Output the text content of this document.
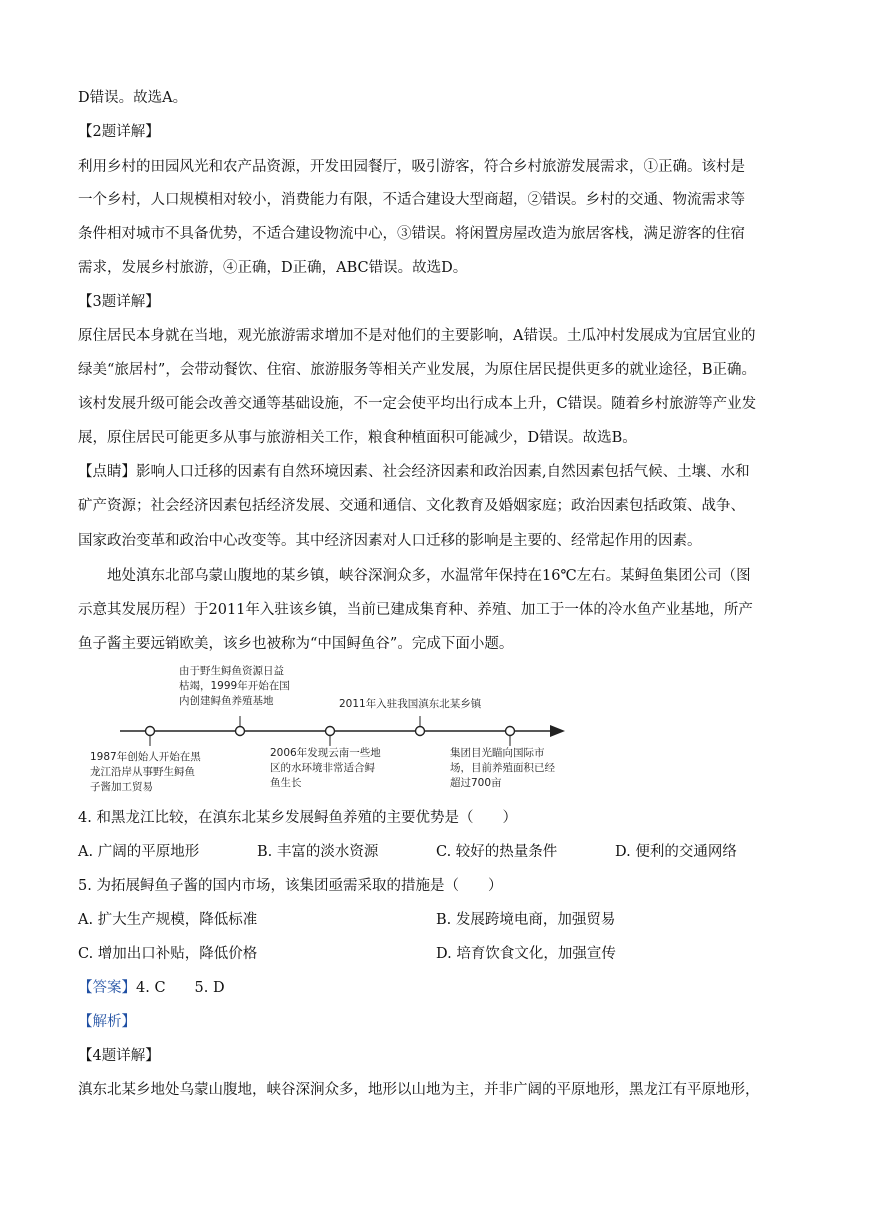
D错误。故选A。
【2题详解】
利用乡村的田园风光和农产品资源，开发田园餐厅，吸引游客，符合乡村旅游发展需求，①正确。该村是
一个乡村，人口规模相对较小，消费能力有限，不适合建设大型商超，②错误。乡村的交通、物流需求等
条件相对城市不具备优势，不适合建设物流中心，③错误。将闲置房屋改造为旅居客栈，满足游客的住宿
需求，发展乡村旅游，④正确，D正确，ABC错误。故选D。
【3题详解】
原住居民本身就在当地，观光旅游需求增加不是对他们的主要影响，A错误。土瓜冲村发展成为宜居宜业的
绿美“旅居村”，会带动餐饮、住宿、旅游服务等相关产业发展，为原住居民提供更多的就业途径，B正确。
该村发展升级可能会改善交通等基础设施，不一定会使平均出行成本上升，C错误。随着乡村旅游等产业发
展，原住居民可能更多从事与旅游相关工作，粮食种植面积可能减少，D错误。故选B。
【点睛】影响人口迁移的因素有自然环境因素、社会经济因素和政治因素,自然因素包括气候、土壤、水和
矿产资源；社会经济因素包括经济发展、交通和通信、文化教育及婚姻家庭；政治因素包括政策、战争、
国家政治变革和政治中心改变等。其中经济因素对人口迁移的影响是主要的、经常起作用的因素。
地处滇东北部乌蒙山腹地的某乡镇，峡谷深涧众多，水温常年保持在16℃左右。某鲟鱼集团公司（图
示意其发展历程）于2011年入驻该乡镇，当前已建成集育种、养殖、加工于一体的冷水鱼产业基地，所产
鱼子酱主要远销欧美，该乡也被称为“中国鲟鱼谷”。完成下面小题。
由于野生鲟鱼资源日益
枯竭，1999年开始在国
内创建鲟鱼养殖基地	2011年入驻我国滇东北某乡镇
1987年创始人开始在黑
龙江沿岸从事野生鲟鱼
子酱加工贸易
2006年发现云南一些地
区的水环境非常适合鲟
鱼生长
集团目光瞄向国际市
场，目前养殖面积已经
超过700亩
4. 和黑龙江比较，在滇东北某乡发展鲟鱼养殖的主要优势是（　　）
A. 广阔的平原地形	B. 丰富的淡水资源	C. 较好的热量条件	D. 便利的交通网络
5. 为拓展鲟鱼子酱的国内市场，该集团亟需采取的措施是（　　）
A. 扩大生产规模，降低标准	B. 发展跨境电商，加强贸易
C. 增加出口补贴，降低价格	D. 培育饮食文化，加强宣传
【答案】4. C　　5. D
【解析】
【4题详解】
滇东北某乡地处乌蒙山腹地，峡谷深涧众多，地形以山地为主，并非广阔的平原地形，黑龙江有平原地形，
